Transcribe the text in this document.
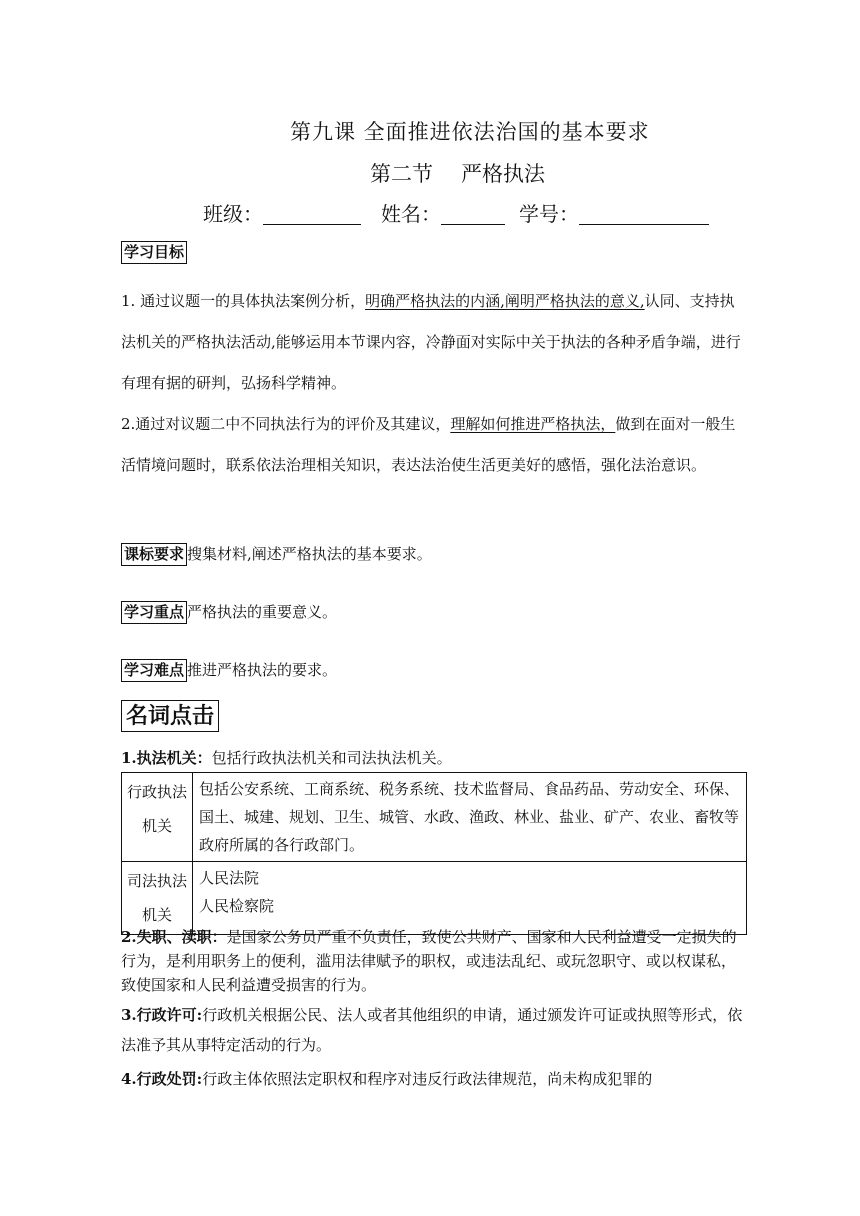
第九课 全面推进依法治国的基本要求
第二节 严格执法
班级：	姓名：	学号：
学习目标
1. 通过议题一的具体执法案例分析，明确严格执法的内涵,阐明严格执法的意义,认同、支持执法机关的严格执法活动,能够运用本节课内容，冷静面对实际中关于执法的各种矛盾争端，进行有理有据的研判，弘扬科学精神。
2.通过对议题二中不同执法行为的评价及其建议，理解如何推进严格执法，做到在面对一般生活情境问题时，联系依法治理相关知识，表达法治使生活更美好的感悟，强化法治意识。
课标要求 搜集材料,阐述严格执法的基本要求。
学习重点 严格执法的重要意义。
学习难点 推进严格执法的要求。
名词点击
1.执法机关：包括行政执法机关和司法执法机关。
行政执法机关	包括公安系统、工商系统、税务系统、技术监督局、食品药品、劳动安全、环保、国土、城建、规划、卫生、城管、水政、渔政、林业、盐业、矿产、农业、畜牧等政府所属的各行政部门。
司法执法机关	人民法院
人民检察院
2.失职、渎职：是国家公务员严重不负责任，致使公共财产、国家和人民利益遭受一定损失的行为，是利用职务上的便利，滥用法律赋予的职权，或违法乱纪、或玩忽职守、或以权谋私，致使国家和人民利益遭受损害的行为。
3.行政许可:行政机关根据公民、法人或者其他组织的申请，通过颁发许可证或执照等形式，依法准予其从事特定活动的行为。
4.行政处罚:行政主体依照法定职权和程序对违反行政法律规范，尚未构成犯罪的
